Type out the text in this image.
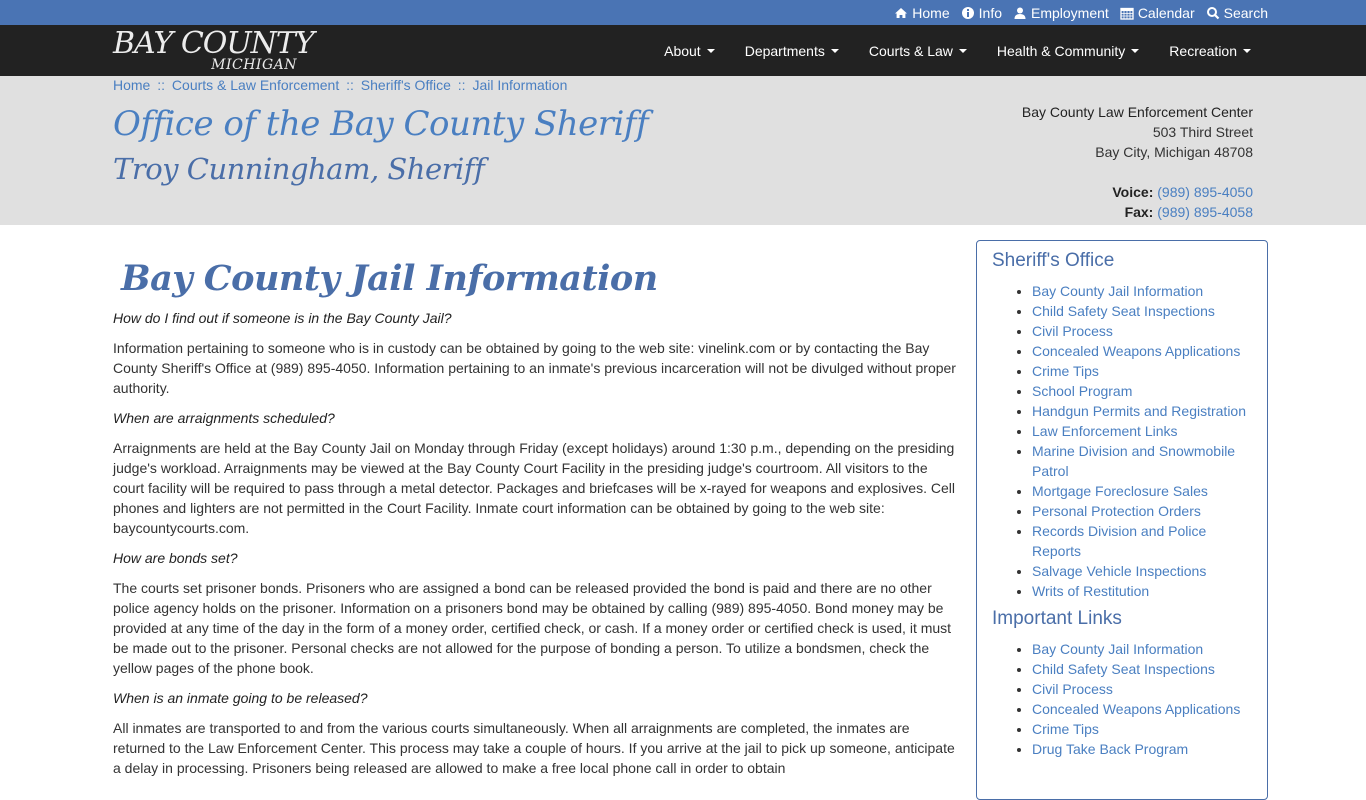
Home Info Employment Calendar Search
BAY COUNTY
MICHIGAN
About	Departments	Courts & Law	Health & Community	Recreation
Home :: Courts & Law Enforcement :: Sheriff's Office :: Jail Information
Office of the Bay County Sheriff
Troy Cunningham, Sheriff
Bay County Law Enforcement Center
503 Third Street
Bay City, Michigan 48708
Voice: (989) 895-4050
Fax: (989) 895-4058
Bay County Jail Information
How do I find out if someone is in the Bay County Jail?
Information pertaining to someone who is in custody can be obtained by going to the web site: vinelink.com or by contacting the Bay County Sheriff's Office at (989) 895-4050. Information pertaining to an inmate's previous incarceration will not be divulged without proper authority.
When are arraignments scheduled?
Arraignments are held at the Bay County Jail on Monday through Friday (except holidays) around 1:30 p.m., depending on the presiding judge's workload. Arraignments may be viewed at the Bay County Court Facility in the presiding judge's courtroom. All visitors to the court facility will be required to pass through a metal detector. Packages and briefcases will be x-rayed for weapons and explosives. Cell phones and lighters are not permitted in the Court Facility. Inmate court information can be obtained by going to the web site: baycountycourts.com.
How are bonds set?
The courts set prisoner bonds. Prisoners who are assigned a bond can be released provided the bond is paid and there are no other police agency holds on the prisoner. Information on a prisoners bond may be obtained by calling (989) 895-4050. Bond money may be provided at any time of the day in the form of a money order, certified check, or cash. If a money order or certified check is used, it must be made out to the prisoner. Personal checks are not allowed for the purpose of bonding a person. To utilize a bondsmen, check the yellow pages of the phone book.
When is an inmate going to be released?
All inmates are transported to and from the various courts simultaneously. When all arraignments are completed, the inmates are returned to the Law Enforcement Center. This process may take a couple of hours. If you arrive at the jail to pick up someone, anticipate a delay in processing. Prisoners being released are allowed to make a free local phone call in order to obtain
Sheriff's Office
• Bay County Jail Information
• Child Safety Seat Inspections
• Civil Process
• Concealed Weapons Applications
• Crime Tips
• School Program
• Handgun Permits and Registration
• Law Enforcement Links
• Marine Division and Snowmobile Patrol
• Mortgage Foreclosure Sales
• Personal Protection Orders
• Records Division and Police Reports
• Salvage Vehicle Inspections
• Writs of Restitution
Important Links
• Bay County Jail Information
• Child Safety Seat Inspections
• Civil Process
• Concealed Weapons Applications
• Crime Tips
• Drug Take Back Program
